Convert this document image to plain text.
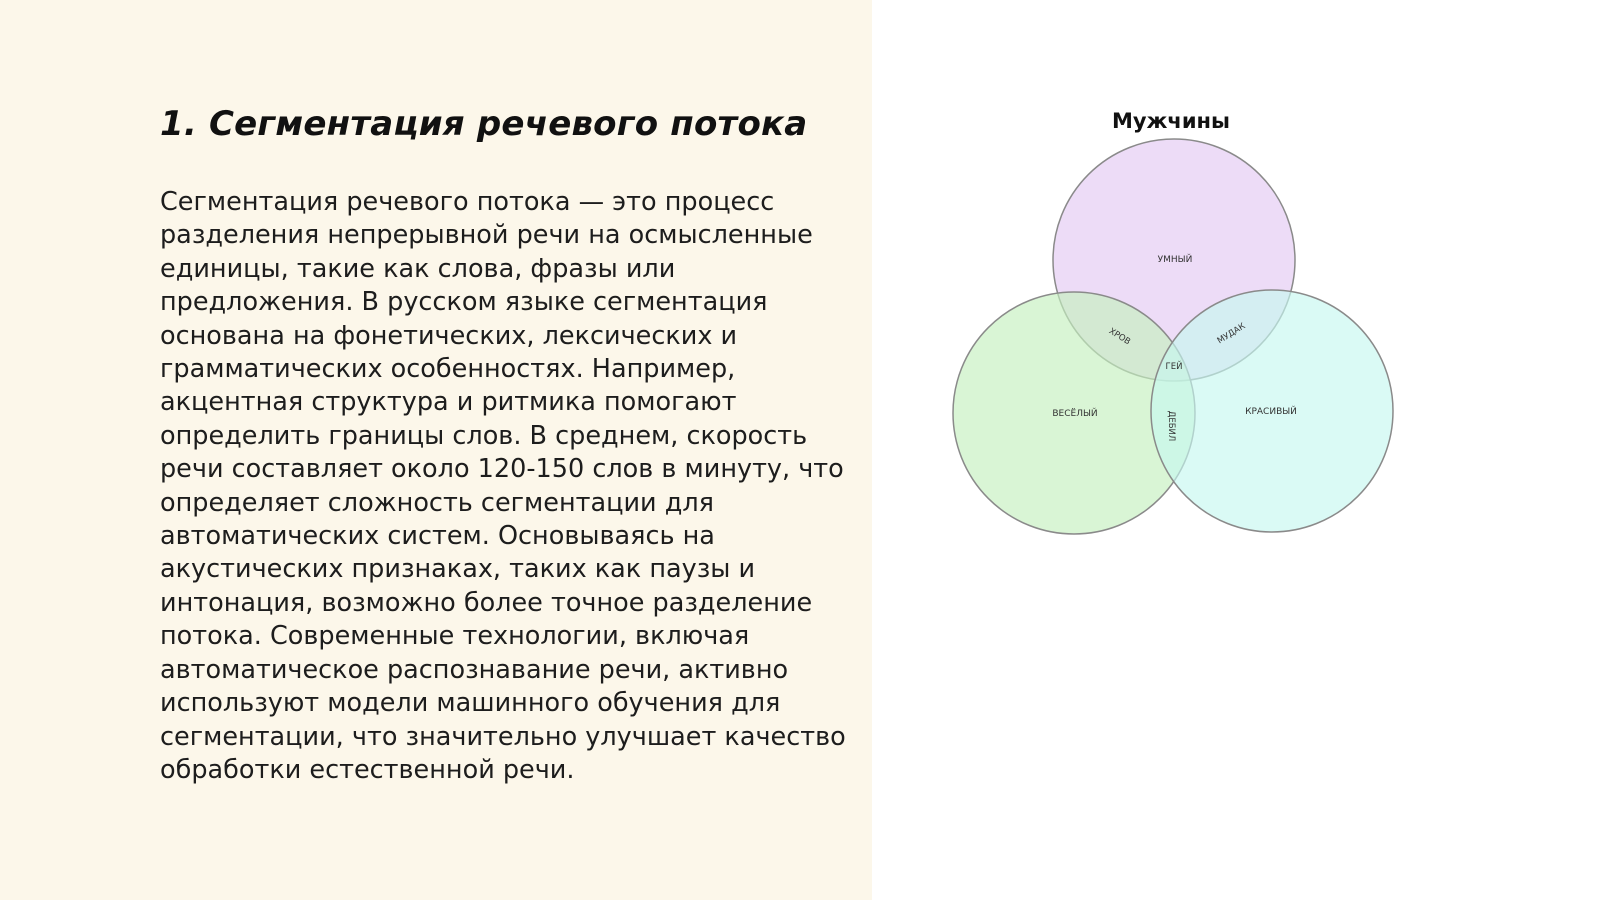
1. Сегментация речевого потока

Сегментация речевого потока — это процесс разделения непрерывной речи на осмысленные единицы, такие как слова, фразы или предложения. В русском языке сегментация основана на фонетических, лексических и грамматических особенностях. Например, акцентная структура и ритмика помогают определить границы слов. В среднем, скорость речи составляет около 120-150 слов в минуту, что определяет сложность сегментации для автоматических систем. Основываясь на акустических признаках, таких как паузы и интонация, возможно более точное разделение потока. Современные технологии, включая автоматическое распознавание речи, активно используют модели машинного обучения для сегментации, что значительно улучшает качество обработки естественной речи.

Мужчины
УМНЫЙ
ВЕСЁЛЫЙ	КРАСИВЫЙ
ХРОВ	МУДАК
ДЕБИЛ
ГЕЙ
